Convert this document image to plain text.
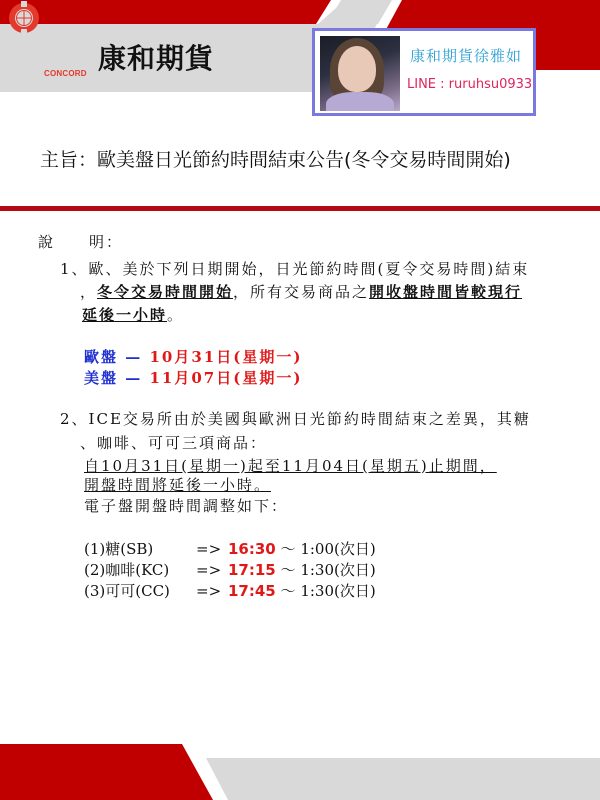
CONCORD 康和期貨	康和期貨徐雅如
LINE : ruruhsu0933
主旨：歐美盤日光節約時間結束公告(冬令交易時間開始)
說　　明：
1、歐、美於下列日期開始，日光節約時間(夏令交易時間)結束
，冬令交易時間開始，所有交易商品之開收盤時間皆較現行
延後一小時。
歐盤 — 10月31日(星期一)
美盤 — 11月07日(星期一)
2、ICE交易所由於美國與歐洲日光節約時間結束之差異，其糖
、咖啡、可可三項商品：
自10月31日(星期一)起至11月04日(星期五)止期間，
開盤時間將延後一小時。
電子盤開盤時間調整如下：
(1)糖(SB)	=> 16:30 ～ 1:00(次日)
(2)咖啡(KC) => 17:15 ～ 1:30(次日)
(3)可可(CC) => 17:45 ～ 1:30(次日)
